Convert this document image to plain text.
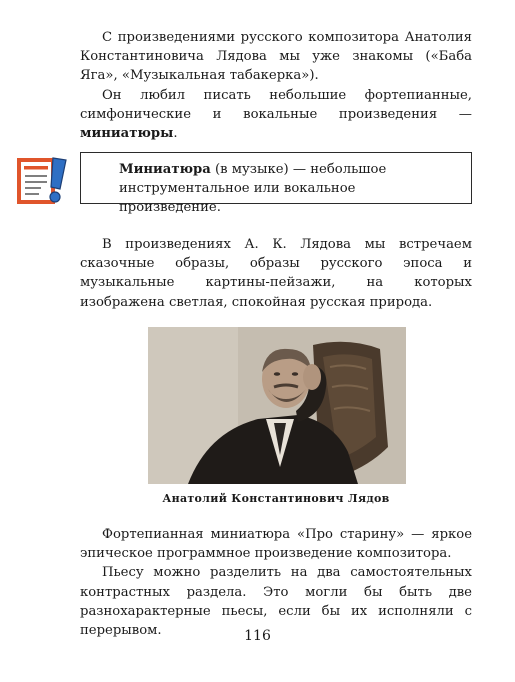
С произведениями русского композитора Анатолия Константиновича Лядова мы уже знакомы («Баба Яга», «Музыкальная табакерка»).

Он любил писать небольшие фортепианные, симфонические и вокальные произведения — миниатюры.

Миниатюра (в музыке) — небольшое инструментальное или вокальное произведение.

В произведениях А. К. Лядова мы встречаем сказочные образы, образы русского эпоса и музыкальные картины-пейзажи, на которых изображена светлая, спокойная русская природа.

Анатолий Константинович Лядов

Фортепианная миниатюра «Про старину» — яркое эпическое программное произведение композитора.

Пьесу можно разделить на два самостоятельных контрастных раздела. Это могли бы быть две разнохарактерные пьесы, если бы их исполняли с перерывом.	116
